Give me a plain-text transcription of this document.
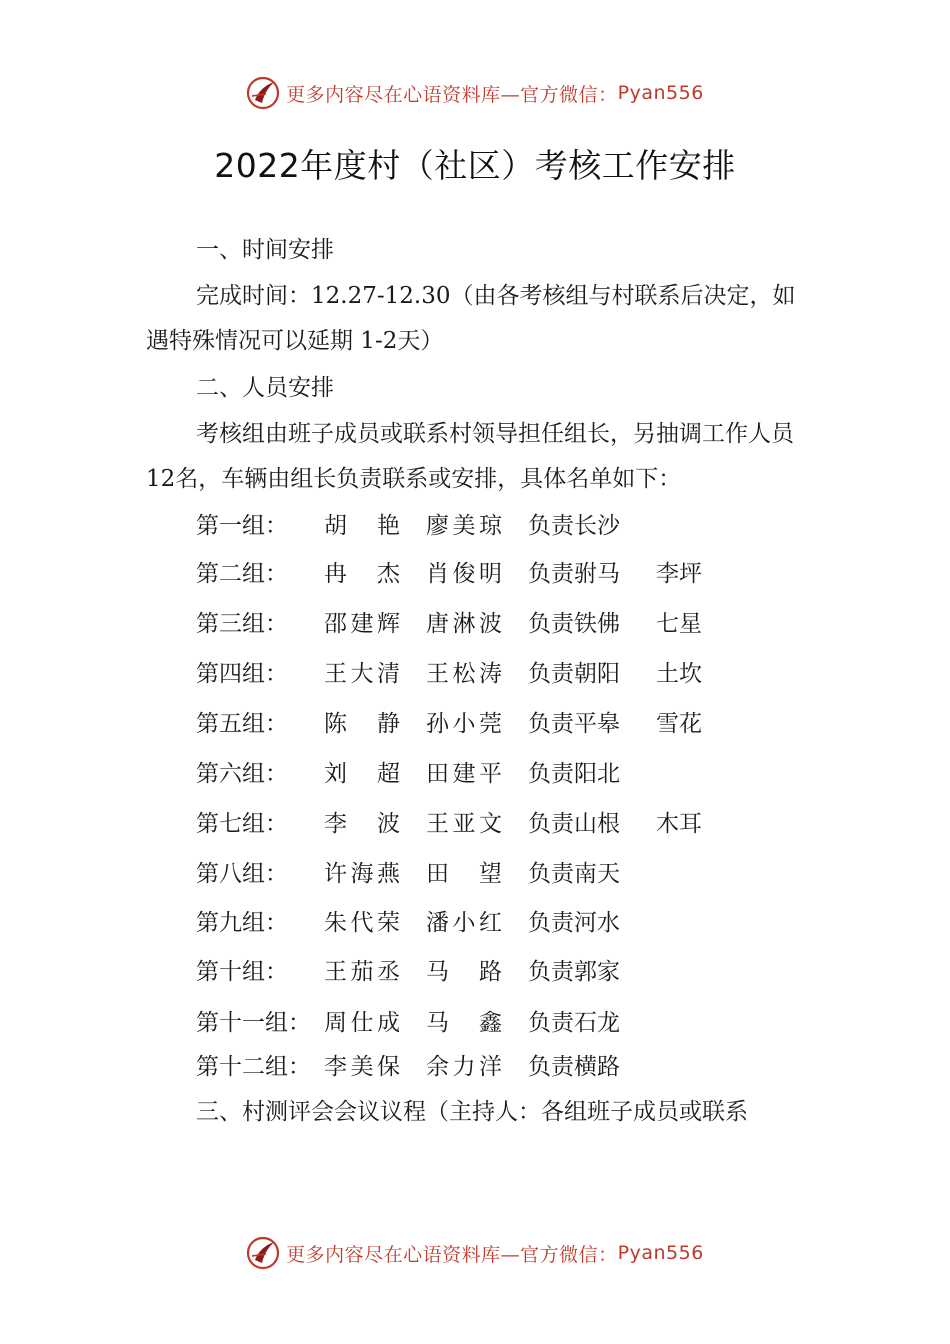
更多内容尽在心语资料库—官方微信： Pyan556
2022年度村（社区）考核工作安排
一、时间安排
完成时间：12.27-12.30（由各考核组与村联系后决定，如遇特殊情况可以延期 1-2天）
二、人员安排
考核组由班子成员或联系村领导担任组长，另抽调工作人员 12名，车辆由组长负责联系或安排，具体名单如下：
第一组： 胡艳 廖美琼 负责长沙
第二组： 冉杰 肖俊明 负责驸马 李坪
第三组： 邵建辉 唐淋波 负责铁佛 七星
第四组： 王大清 王松涛 负责朝阳 土坎
第五组： 陈静 孙小莞 负责平皋 雪花
第六组： 刘超 田建平 负责阳北
第七组： 李波 王亚文 负责山根 木耳
第八组： 许海燕 田望 负责南天
第九组： 朱代荣 潘小红 负责河水
第十组： 王茄丞 马路 负责郭家
第十一组： 周仕成 马鑫 负责石龙
第十二组： 李美保 余力洋 负责横路
三、村测评会会议议程（主持人：各组班子成员或联系
更多内容尽在心语资料库—官方微信： Pyan556
